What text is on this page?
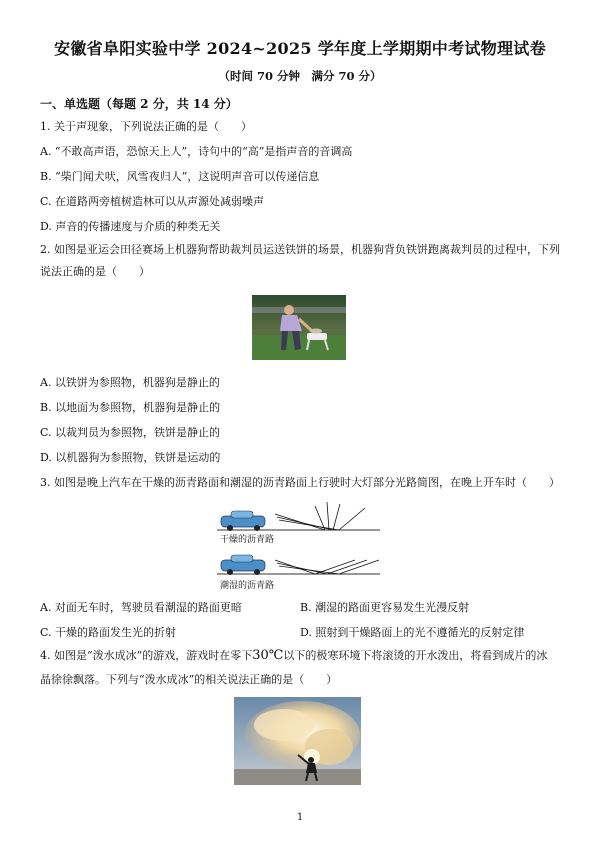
安徽省阜阳实验中学 2024~2025 学年度上学期期中考试物理试卷
（时间 70 分钟　满分 70 分）
一、单选题（每题 2 分，共 14 分）
1. 关于声现象，下列说法正确的是（　　）
A. “不敢高声语，恐惊天上人”，诗句中的“高”是指声音的音调高
B. “柴门闻犬吠，风雪夜归人”，这说明声音可以传递信息
C. 在道路两旁植树造林可以从声源处减弱噪声
D. 声音的传播速度与介质的种类无关
2. 如图是亚运会田径赛场上机器狗帮助裁判员运送铁饼的场景，机器狗背负铁饼跑离裁判员的过程中，下列说法正确的是（　　）
A. 以铁饼为参照物，机器狗是静止的
B. 以地面为参照物，机器狗是静止的
C. 以裁判员为参照物，铁饼是静止的
D. 以机器狗为参照物，铁饼是运动的
3. 如图是晚上汽车在干燥的沥青路面和潮湿的沥青路面上行驶时大灯部分光路简图，在晚上开车时（　　）
干燥的沥青路
潮湿的沥青路
A. 对面无车时，驾驶员看潮湿的路面更暗	B. 潮湿的路面更容易发生光漫反射
C. 干燥的路面发生光的折射	D. 照射到干燥路面上的光不遵循光的反射定律
4. 如图是“泼水成冰”的游戏，游戏时在零下30℃以下的极寒环境下将滚烫的开水泼出，将看到成片的冰
晶徐徐飘落。下列与“泼水成冰”的相关说法正确的是（　　）
1
